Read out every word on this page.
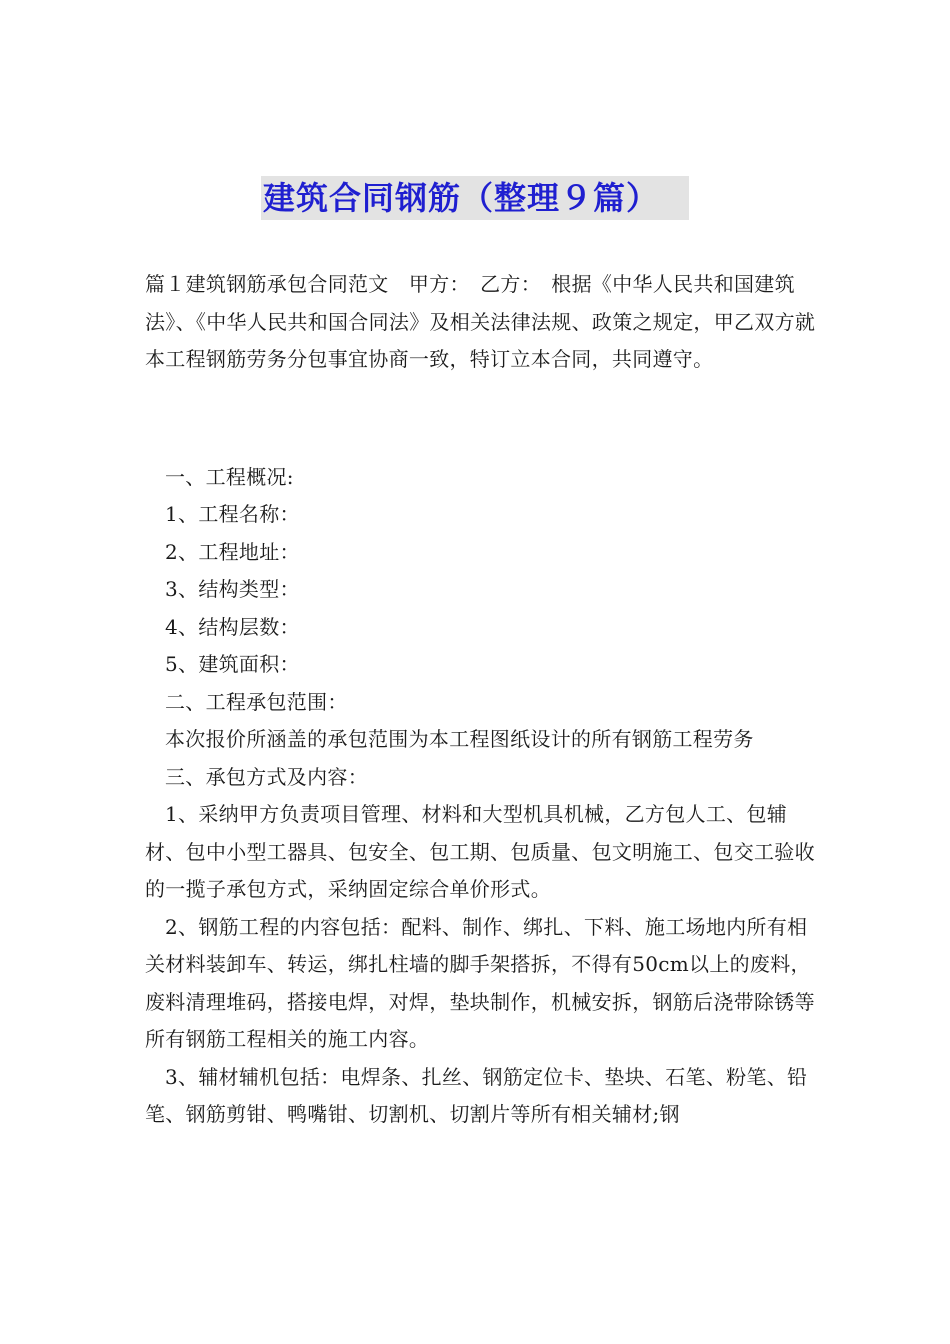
建筑合同钢筋（整理９篇）

篇１建筑钢筋承包合同范文　甲方：　乙方：　根据《中华人民共和国建筑法》、《中华人民共和国合同法》及相关法律法规、政策之规定，甲乙双方就本工程钢筋劳务分包事宜协商一致，特订立本合同，共同遵守。

一、工程概况:

1、工程名称：

2、工程地址：

3、结构类型：

4、结构层数：

5、建筑面积：

二、工程承包范围：

本次报价所涵盖的承包范围为本工程图纸设计的所有钢筋工程劳务

三、承包方式及内容：

1、采纳甲方负责项目管理、材料和大型机具机械，乙方包人工、包辅材、包中小型工器具、包安全、包工期、包质量、包文明施工、包交工验收的一揽子承包方式，采纳固定综合单价形式。

2、钢筋工程的内容包括：配料、制作、绑扎、下料、施工场地内所有相关材料装卸车、转运，绑扎柱墙的脚手架搭拆，不得有50cm以上的废料，废料清理堆码，搭接电焊，对焊，垫块制作，机械安拆，钢筋后浇带除锈等所有钢筋工程相关的施工内容。

3、辅材辅机包括：电焊条、扎丝、钢筋定位卡、垫块、石笔、粉笔、铅笔、钢筋剪钳、鸭嘴钳、切割机、切割片等所有相关辅材;钢
